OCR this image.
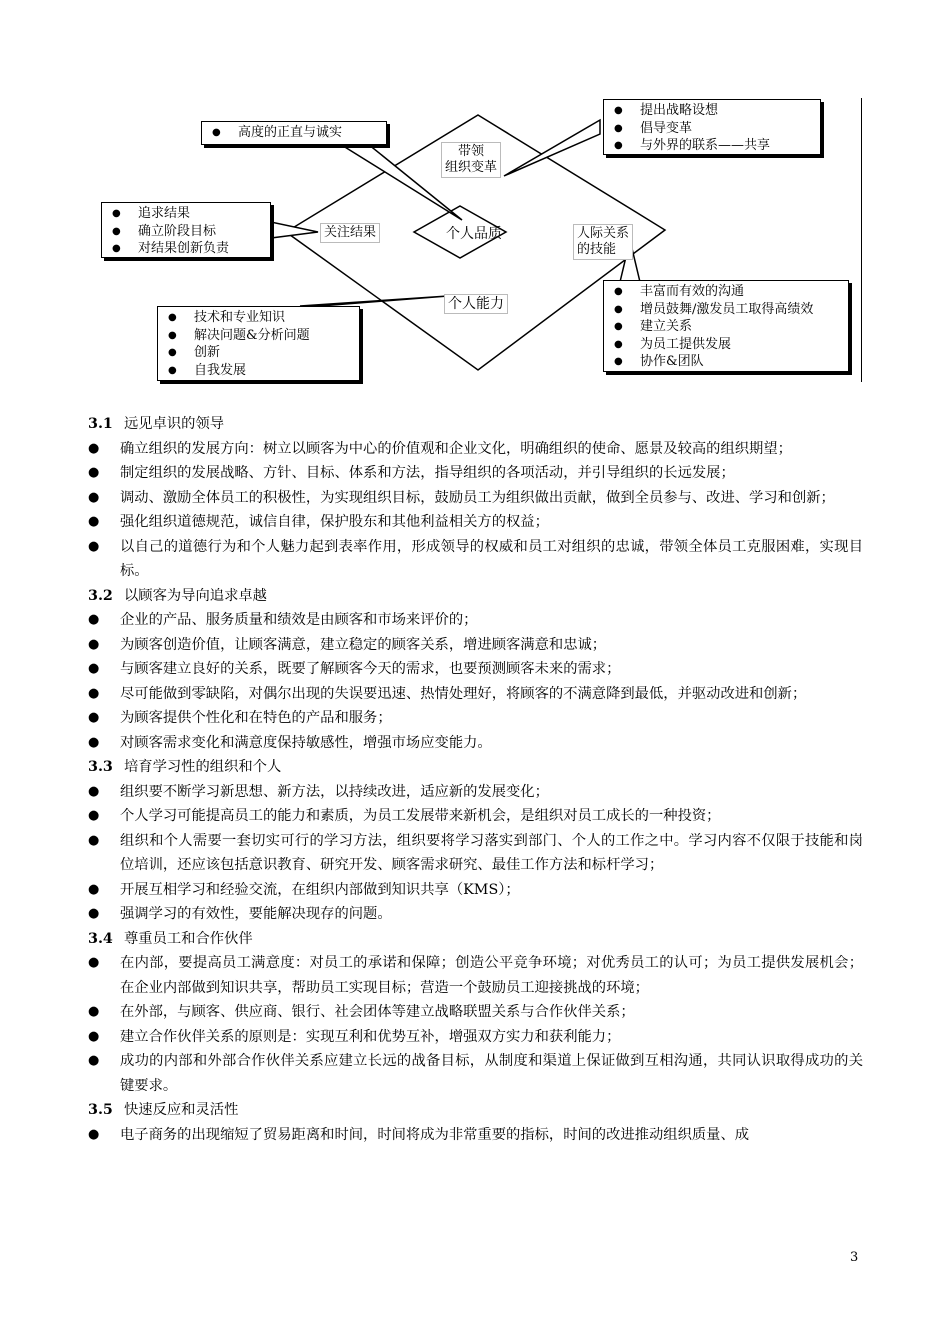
● 高度的正直与诚实
● 提出战略设想
● 倡导变革
● 与外界的联系——共享
● 追求结果
● 确立阶段目标
● 对结果创新负责
● 技术和专业知识
● 解决问题&分析问题
● 创新
● 自我发展
● 丰富而有效的沟通
● 增员鼓舞/激发员工取得高绩效
● 建立关系
● 为员工提供发展
● 协作&团队
带领
组织变革
关注结果	个人品质	人际关系
的技能
个人能力
3.1 远见卓识的领导
● 确立组织的发展方向：树立以顾客为中心的价值观和企业文化，明确组织的使命、愿景及较高的组织期望；
● 制定组织的发展战略、方针、目标、体系和方法，指导组织的各项活动，并引导组织的长远发展；
● 调动、激励全体员工的积极性，为实现组织目标，鼓励员工为组织做出贡献，做到全员参与、改进、学习和创新；
● 强化组织道德规范，诚信自律，保护股东和其他利益相关方的权益；
● 以自己的道德行为和个人魅力起到表率作用，形成领导的权威和员工对组织的忠诚，带领全体员工克服困难，实现目标。
3.2 以顾客为导向追求卓越
● 企业的产品、服务质量和绩效是由顾客和市场来评价的；
● 为顾客创造价值，让顾客满意，建立稳定的顾客关系，增进顾客满意和忠诚；
● 与顾客建立良好的关系，既要了解顾客今天的需求，也要预测顾客未来的需求；
● 尽可能做到零缺陷，对偶尔出现的失误要迅速、热情处理好，将顾客的不满意降到最低，并驱动改进和创新；
● 为顾客提供个性化和在特色的产品和服务；
● 对顾客需求变化和满意度保持敏感性，增强市场应变能力。
3.3 培育学习性的组织和个人
● 组织要不断学习新思想、新方法，以持续改进，适应新的发展变化；
● 个人学习可能提高员工的能力和素质，为员工发展带来新机会，是组织对员工成长的一种投资；
● 组织和个人需要一套切实可行的学习方法，组织要将学习落实到部门、个人的工作之中。学习内容不仅限于技能和岗位培训，还应该包括意识教育、研究开发、顾客需求研究、最佳工作方法和标杆学习；
● 开展互相学习和经验交流，在组织内部做到知识共享（KMS）；
● 强调学习的有效性，要能解决现存的问题。
3.4 尊重员工和合作伙伴
● 在内部，要提高员工满意度：对员工的承诺和保障；创造公平竞争环境；对优秀员工的认可；为员工提供发展机会；在企业内部做到知识共享，帮助员工实现目标；营造一个鼓励员工迎接挑战的环境；
● 在外部，与顾客、供应商、银行、社会团体等建立战略联盟关系与合作伙伴关系；
● 建立合作伙伴关系的原则是：实现互利和优势互补，增强双方实力和获利能力；
● 成功的内部和外部合作伙伴关系应建立长远的战备目标，从制度和渠道上保证做到互相沟通，共同认识取得成功的关键要求。
3.5 快速反应和灵活性
● 电子商务的出现缩短了贸易距离和时间，时间将成为非常重要的指标，时间的改进推动组织质量、成
3
